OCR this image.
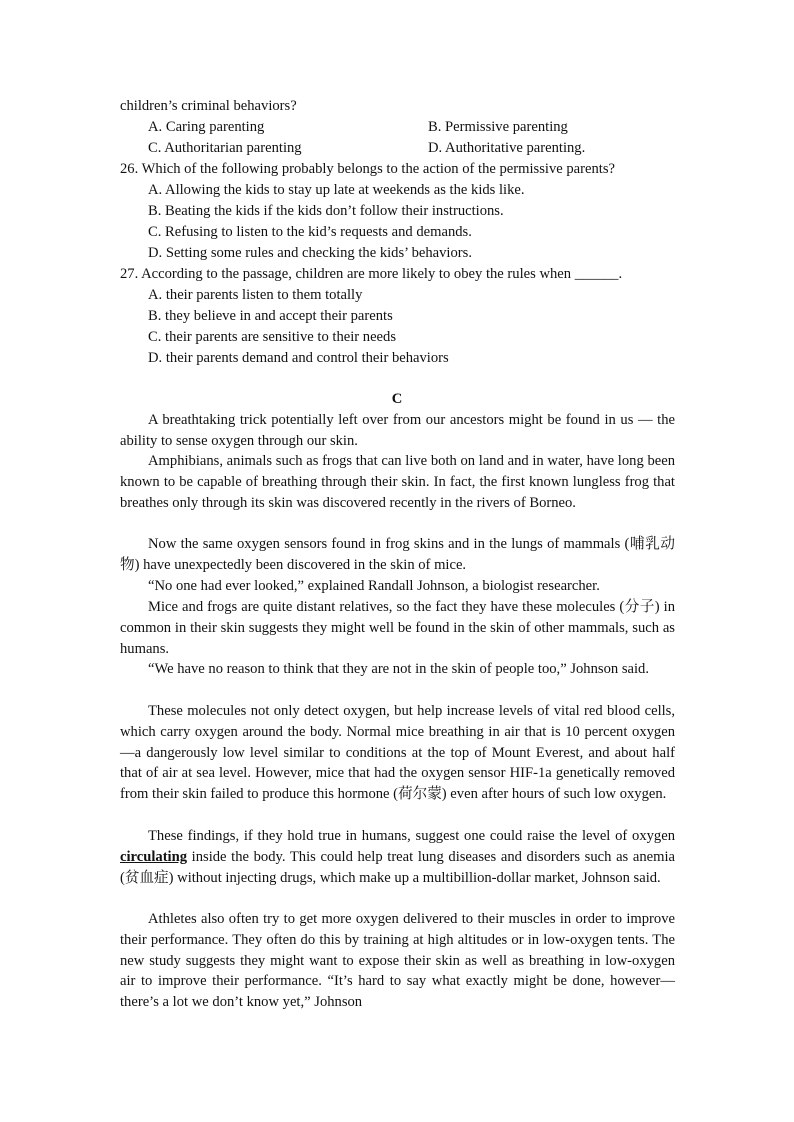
children’s criminal behaviors?
A. Caring parenting	B. Permissive parenting
C. Authoritarian parenting	D. Authoritative parenting.
26. Which of the following probably belongs to the action of the permissive parents?
A. Allowing the kids to stay up late at weekends as the kids like.
B. Beating the kids if the kids don’t follow their instructions.
C. Refusing to listen to the kid’s requests and demands.
D. Setting some rules and checking the kids’ behaviors.
27. According to the passage, children are more likely to obey the rules when ______.
A. their parents listen to them totally
B. they believe in and accept their parents
C. their parents are sensitive to their needs
D. their parents demand and control their behaviors
C

A breathtaking trick potentially left over from our ancestors might be found in us — the ability to sense oxygen through our skin.

Amphibians, animals such as frogs that can live both on land and in water, have long been known to be capable of breathing through their skin. In fact, the first known lungless frog that breathes only through its skin was discovered recently in the rivers of Borneo.

Now the same oxygen sensors found in frog skins and in the lungs of mammals (哺乳动物) have unexpectedly been discovered in the skin of mice.

“No one had ever looked,” explained Randall Johnson, a biologist researcher.

Mice and frogs are quite distant relatives, so the fact they have these molecules (分子) in common in their skin suggests they might well be found in the skin of other mammals, such as humans.

“We have no reason to think that they are not in the skin of people too,” Johnson said.

These molecules not only detect oxygen, but help increase levels of vital red blood cells, which carry oxygen around the body. Normal mice breathing in air that is 10 percent oxygen—a dangerously low level similar to conditions at the top of Mount Everest, and about half that of air at sea level. However, mice that had the oxygen sensor HIF-1a genetically removed from their skin failed to produce this hormone (荷尔蒙) even after hours of such low oxygen.

These findings, if they hold true in humans, suggest one could raise the level of oxygen circulating inside the body. This could help treat lung diseases and disorders such as anemia (贫血症) without injecting drugs, which make up a multibillion-dollar market, Johnson said.

Athletes also often try to get more oxygen delivered to their muscles in order to improve their performance. They often do this by training at high altitudes or in low-oxygen tents. The new study suggests they might want to expose their skin as well as breathing in low-oxygen air to improve their performance. “It’s hard to say what exactly might be done, however—there’s a lot we don’t know yet,” Johnson
